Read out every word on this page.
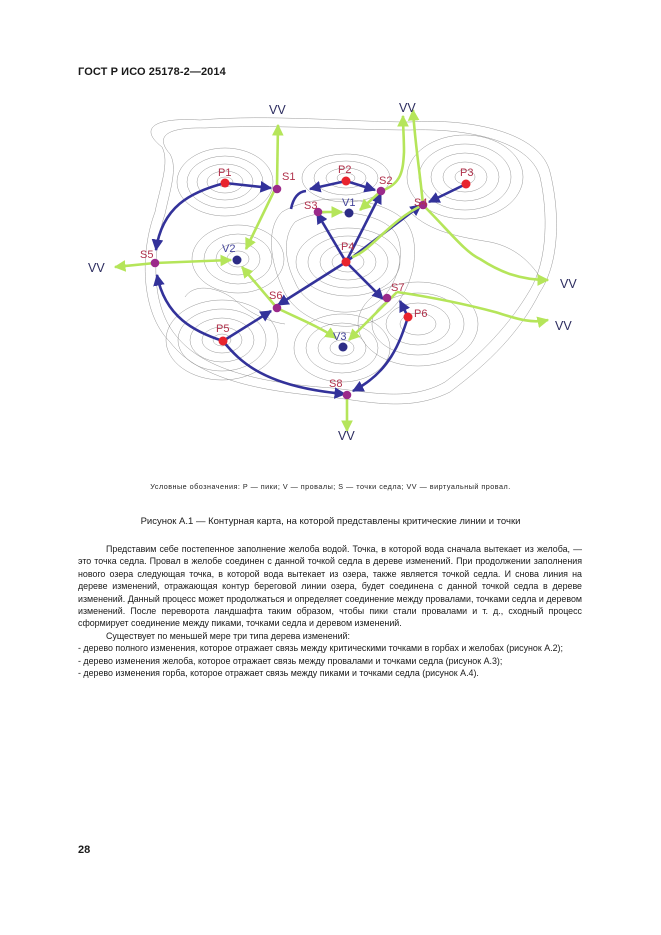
ГОСТ Р ИСО 25178-2—2014
P1	P2	P3
P4
P5
P6
S1	S2
S3	S4
S5
S6
S7
S8
V1
V2
V3
VV	VV
VV
VV
VV
VV
Условные обозначения: P — пики; V — провалы; S — точки седла; VV — виртуальный провал.
Рисунок А.1 — Контурная карта, на которой представлены критические линии и точки

Представим себе постепенное заполнение желоба водой. Точка, в которой вода сначала вытекает из желоба, — это точка седла. Провал в желобе соединен с данной точкой седла в дереве изменений. При продолжении заполнения нового озера следующая точка, в которой вода вытекает из озера, также является точкой седла. И снова линия на дереве изменений, отражающая контур береговой линии озера, будет соединена с данной точкой седла в дереве изменений. Данный процесс может продолжаться и определяет соединение между провалами, точками седла и деревом изменений. После переворота ландшафта таким образом, чтобы пики стали провалами и т. д., сходный процесс сформирует соединение между пиками, точками седла и деревом изменений.

Существует по меньшей мере три типа дерева изменений:

- дерево полного изменения, которое отражает связь между критическими точками в горбах и желобах (рисунок А.2);

- дерево изменения желоба, которое отражает связь между провалами и точками седла (рисунок А.3);

- дерево изменения горба, которое отражает связь между пиками и точками седла (рисунок А.4).

28
